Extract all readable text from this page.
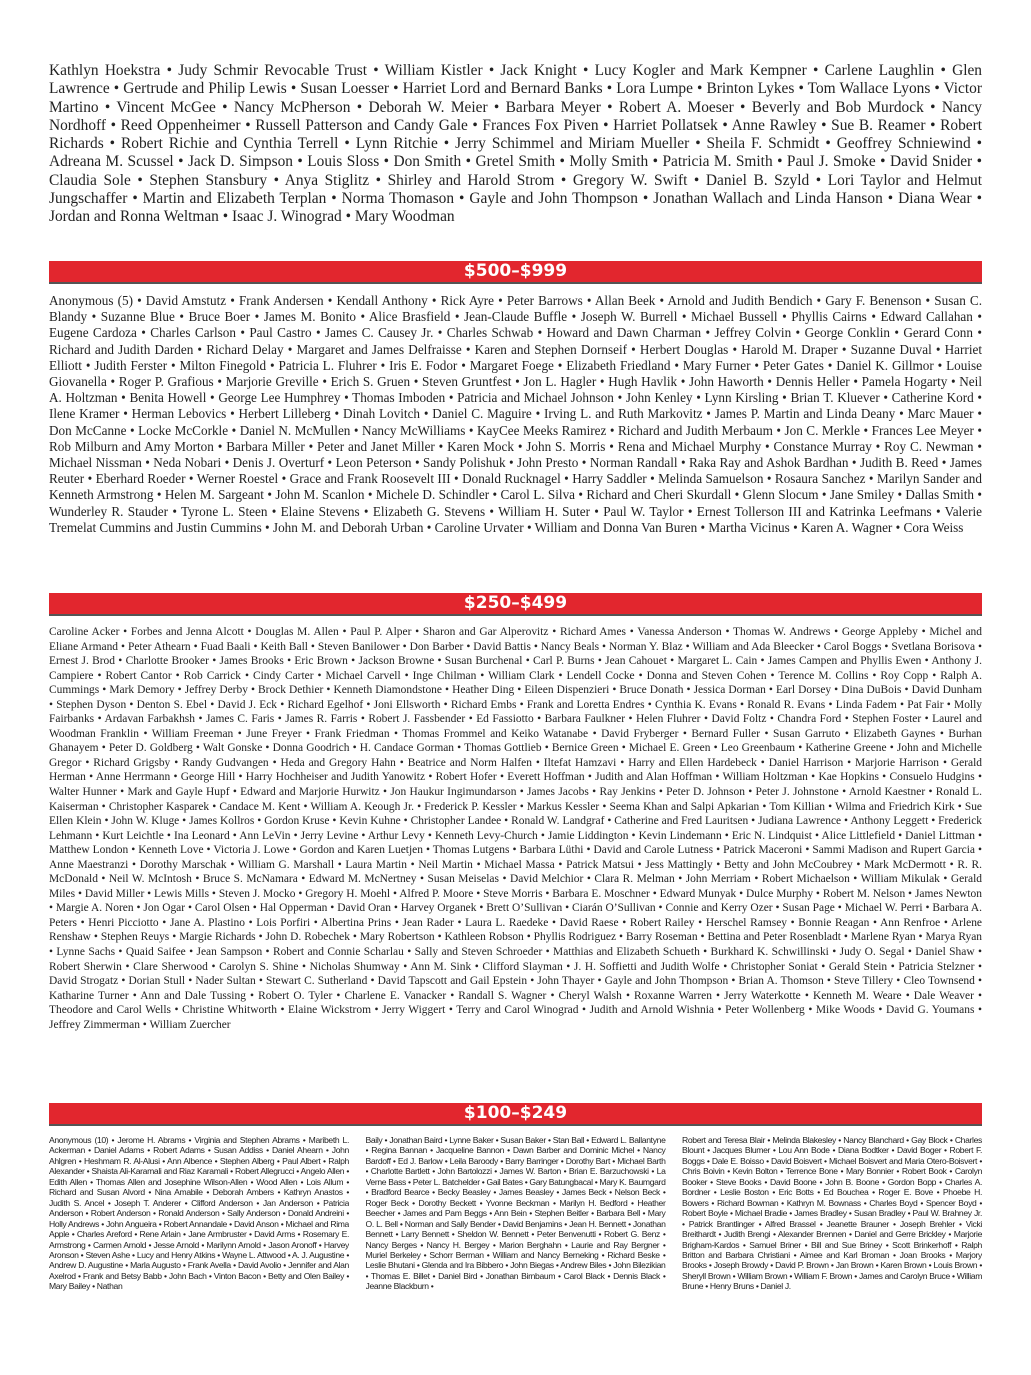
Kathlyn Hoekstra • Judy Schmir Revocable Trust • William Kistler • Jack Knight • Lucy Kogler and Mark Kempner • Carlene Laughlin • Glen Lawrence • Gertrude and Philip Lewis • Susan Loesser • Harriet Lord and Bernard Banks • Lora Lumpe • Brinton Lykes • Tom Wallace Lyons • Victor Martino • Vincent McGee • Nancy McPherson • Deborah W. Meier • Barbara Meyer • Robert A. Moeser • Beverly and Bob Murdock • Nancy Nordhoff • Reed Oppenheimer • Russell Patterson and Candy Gale • Frances Fox Piven • Harriet Pollatsek • Anne Rawley • Sue B. Reamer • Robert Richards • Robert Richie and Cynthia Terrell • Lynn Ritchie • Jerry Schimmel and Miriam Mueller • Sheila F. Schmidt • Geoffrey Schniewind • Adreana M. Scussel • Jack D. Simpson • Louis Sloss • Don Smith • Gretel Smith • Molly Smith • Patricia M. Smith • Paul J. Smoke • David Snider • Claudia Sole • Stephen Stansbury • Anya Stiglitz • Shirley and Harold Strom • Gregory W. Swift • Daniel B. Szyld • Lori Taylor and Helmut Jungschaffer • Martin and Elizabeth Terplan • Norma Thomason • Gayle and John Thompson • Jonathan Wallach and Linda Hanson • Diana Wear • Jordan and Ronna Weltman • Isaac J. Winograd • Mary Woodman
$500–$999
Anonymous (5) • David Amstutz • Frank Andersen • Kendall Anthony • Rick Ayre • Peter Barrows • Allan Beek • Arnold and Judith Bendich • Gary F. Benenson • Susan C. Blandy • Suzanne Blue • Bruce Boer • James M. Bonito • Alice Brasfield • Jean-Claude Buffle • Joseph W. Burrell • Michael Bussell • Phyllis Cairns • Edward Callahan • Eugene Cardoza • Charles Carlson • Paul Castro • James C. Causey Jr. • Charles Schwab • Howard and Dawn Charman • Jeffrey Colvin • George Conklin • Gerard Conn • Richard and Judith Darden • Richard Delay • Margaret and James Delfraisse • Karen and Stephen Dornseif • Herbert Douglas • Harold M. Draper • Suzanne Duval • Harriet Elliott • Judith Ferster • Milton Finegold • Patricia L. Fluhrer • Iris E. Fodor • Margaret Foege • Elizabeth Friedland • Mary Furner • Peter Gates • Daniel K. Gillmor • Louise Giovanella • Roger P. Grafious • Marjorie Greville • Erich S. Gruen • Steven Gruntfest • Jon L. Hagler • Hugh Havlik • John Haworth • Dennis Heller • Pamela Hogarty • Neil A. Holtzman • Benita Howell • George Lee Humphrey • Thomas Imboden • Patricia and Michael Johnson • John Kenley • Lynn Kirsling • Brian T. Kluever • Catherine Kord • Ilene Kramer • Herman Lebovics • Herbert Lilleberg • Dinah Lovitch • Daniel C. Maguire • Irving L. and Ruth Markovitz • James P. Martin and Linda Deany • Marc Mauer • Don McCanne • Locke McCorkle • Daniel N. McMullen • Nancy McWilliams • KayCee Meeks Ramirez • Richard and Judith Merbaum • Jon C. Merkle • Frances Lee Meyer • Rob Milburn and Amy Morton • Barbara Miller • Peter and Janet Miller • Karen Mock • John S. Morris • Rena and Michael Murphy • Constance Murray • Roy C. Newman • Michael Nissman • Neda Nobari • Denis J. Overturf • Leon Peterson • Sandy Polishuk • John Presto • Norman Randall • Raka Ray and Ashok Bardhan • Judith B. Reed • James Reuter • Eberhard Roeder • Werner Roestel • Grace and Frank Roosevelt III • Donald Rucknagel • Harry Saddler • Melinda Samuelson • Rosaura Sanchez • Marilyn Sander and Kenneth Armstrong • Helen M. Sargeant • John M. Scanlon • Michele D. Schindler • Carol L. Silva • Richard and Cheri Skurdall • Glenn Slocum • Jane Smiley • Dallas Smith • Wunderley R. Stauder • Tyrone L. Steen • Elaine Stevens • Elizabeth G. Stevens • William H. Suter • Paul W. Taylor • Ernest Tollerson III and Katrinka Leefmans • Valerie Tremelat Cummins and Justin Cummins • John M. and Deborah Urban • Caroline Urvater • William and Donna Van Buren • Martha Vicinus • Karen A. Wagner • Cora Weiss
$250–$499
Caroline Acker • Forbes and Jenna Alcott • Douglas M. Allen • Paul P. Alper • Sharon and Gar Alperovitz • Richard Ames • Vanessa Anderson • Thomas W. Andrews • George Appleby • Michel and Eliane Armand • Peter Athearn • Fuad Baali • Keith Ball • Steven Banilower • Don Barber • David Battis • Nancy Beals • Norman Y. Blaz • William and Ada Bleecker • Carol Boggs • Svetlana Borisova • Ernest J. Brod • Charlotte Brooker • James Brooks • Eric Brown • Jackson Browne • Susan Burchenal • Carl P. Burns • Jean Cahouet • Margaret L. Cain • James Campen and Phyllis Ewen • Anthony J. Campiere • Robert Cantor • Rob Carrick • Cindy Carter • Michael Carvell • Inge Chilman • William Clark • Lendell Cocke • Donna and Steven Cohen • Terence M. Collins • Roy Copp • Ralph A. Cummings • Mark Demory • Jeffrey Derby • Brock Dethier • Kenneth Diamondstone • Heather Ding • Eileen Dispenzieri • Bruce Donath • Jessica Dorman • Earl Dorsey • Dina DuBois • David Dunham • Stephen Dyson • Denton S. Ebel • David J. Eck • Richard Egelhof • Joni Ellsworth • Richard Embs • Frank and Loretta Endres • Cynthia K. Evans • Ronald R. Evans • Linda Fadem • Pat Fair • Molly Fairbanks • Ardavan Farbakhsh • James C. Faris • James R. Farris • Robert J. Fassbender • Ed Fassiotto • Barbara Faulkner • Helen Fluhrer • David Foltz • Chandra Ford • Stephen Foster • Laurel and Woodman Franklin • William Freeman • June Freyer • Frank Friedman • Thomas Frommel and Keiko Watanabe • David Fryberger • Bernard Fuller • Susan Garruto • Elizabeth Gaynes • Burhan Ghanayem • Peter D. Goldberg • Walt Gonske • Donna Goodrich • H. Candace Gorman • Thomas Gottlieb • Bernice Green • Michael E. Green • Leo Greenbaum • Katherine Greene • John and Michelle Gregor • Richard Grigsby • Randy Gudvangen • Heda and Gregory Hahn • Beatrice and Norm Halfen • Iltefat Hamzavi • Harry and Ellen Hardebeck • Daniel Harrison • Marjorie Harrison • Gerald Herman • Anne Herrmann • George Hill • Harry Hochheiser and Judith Yanowitz • Robert Hofer • Everett Hoffman • Judith and Alan Hoffman • William Holtzman • Kae Hopkins • Consuelo Hudgins • Walter Hunner • Mark and Gayle Hupf • Edward and Marjorie Hurwitz • Jon Haukur Ingimundarson • James Jacobs • Ray Jenkins • Peter D. Johnson • Peter J. Johnstone • Arnold Kaestner • Ronald L. Kaiserman • Christopher Kasparek • Candace M. Kent • William A. Keough Jr. • Frederick P. Kessler • Markus Kessler • Seema Khan and Salpi Apkarian • Tom Killian • Wilma and Friedrich Kirk • Sue Ellen Klein • John W. Kluge • James Kollros • Gordon Kruse • Kevin Kuhne • Christopher Landee • Ronald W. Landgraf • Catherine and Fred Lauritsen • Judiana Lawrence • Anthony Leggett • Frederick Lehmann • Kurt Leichtle • Ina Leonard • Ann LeVin • Jerry Levine • Arthur Levy • Kenneth Levy-Church • Jamie Liddington • Kevin Lindemann • Eric N. Lindquist • Alice Littlefield • Daniel Littman • Matthew London • Kenneth Love • Victoria J. Lowe • Gordon and Karen Luetjen • Thomas Lutgens • Barbara Lüthi • David and Carole Lutness • Patrick Maceroni • Sammi Madison and Rupert Garcia • Anne Maestranzi • Dorothy Marschak • William G. Marshall • Laura Martin • Neil Martin • Michael Massa • Patrick Matsui • Jess Mattingly • Betty and John McCoubrey • Mark McDermott • R. R. McDonald • Neil W. McIntosh • Bruce S. McNamara • Edward M. McNertney • Susan Meiselas • David Melchior • Clara R. Melman • John Merriam • Robert Michaelson • William Mikulak • Gerald Miles • David Miller • Lewis Mills • Steven J. Mocko • Gregory H. Moehl • Alfred P. Moore • Steve Morris • Barbara E. Moschner • Edward Munyak • Dulce Murphy • Robert M. Nelson • James Newton • Margie A. Noren • Jon Ogar • Carol Olsen • Hal Opperman • David Oran • Harvey Organek • Brett O’Sullivan • Ciarán O’Sullivan • Connie and Kerry Ozer • Susan Page • Michael W. Perri • Barbara A. Peters • Henri Picciotto • Jane A. Plastino • Lois Porfiri • Albertina Prins • Jean Rader • Laura L. Raedeke • David Raese • Robert Railey • Herschel Ramsey • Bonnie Reagan • Ann Renfroe • Arlene Renshaw • Stephen Reuys • Margie Richards • John D. Robechek • Mary Robertson • Kathleen Robson • Phyllis Rodriguez • Barry Roseman • Bettina and Peter Rosenbladt • Marlene Ryan • Marya Ryan • Lynne Sachs • Quaid Saifee • Jean Sampson • Robert and Connie Scharlau • Sally and Steven Schroeder • Matthias and Elizabeth Schueth • Burkhard K. Schwillinski • Judy O. Segal • Daniel Shaw • Robert Sherwin • Clare Sherwood • Carolyn S. Shine • Nicholas Shumway • Ann M. Sink • Clifford Slayman • J. H. Soffietti and Judith Wolfe • Christopher Soniat • Gerald Stein • Patricia Stelzner • David Strogatz • Dorian Stull • Nader Sultan • Stewart C. Sutherland • David Tapscott and Gail Epstein • John Thayer • Gayle and John Thompson • Brian A. Thomson • Steve Tillery • Cleo Townsend • Katharine Turner • Ann and Dale Tussing • Robert O. Tyler • Charlene E. Vanacker • Randall S. Wagner • Cheryl Walsh • Roxanne Warren • Jerry Waterkotte • Kenneth M. Weare • Dale Weaver • Theodore and Carol Wells • Christine Whitworth • Elaine Wickstrom • Jerry Wiggert • Terry and Carol Winograd • Judith and Arnold Wishnia • Peter Wollenberg • Mike Woods • David G. Youmans • Jeffrey Zimmerman • William Zuercher
$100–$249
Anonymous (10) • Jerome H. Abrams • Virginia and Stephen Abrams • Maribeth L. Ackerman • Daniel Adams • Robert Adams • Susan Addiss • Daniel Ahearn • John Ahlgren • Heshmam R. Al-Alusi • Ann Albence • Stephen Alberg • Paul Albert • Ralph Alexander • Shaista Ali-Karamali and Riaz Karamali • Robert Allegrucci • Angelo Allen • Edith Allen • Thomas Allen and Josephine Wilson-Allen • Wood Allen • Lois Allum • Richard and Susan Alvord • Nina Amabile • Deborah Ambers • Kathryn Anastos • Judith S. Ancel • Joseph T. Anderer • Clifford Anderson • Jan Anderson • Patricia Anderson • Robert Anderson • Ronald Anderson • Sally Anderson • Donald Andreini • Holly Andrews • John Angueira • Robert Annandale • David Anson • Michael and Rima Apple • Charles Areford • Rene Arlain • Jane Armbruster • David Arms • Rosemary E. Armstrong • Carmen Arnold • Jesse Arnold • Marilynn Arnold • Jason Aronoff • Harvey Aronson • Steven Ashe • Lucy and Henry Atkins • Wayne L. Attwood • A. J. Augustine • Andrew D. Augustine • Marla Augusto • Frank Avella • David Avolio • Jennifer and Alan Axelrod • Frank and Betsy Babb • John Bach • Vinton Bacon • Betty and Olen Bailey • Mary Bailey • Nathan
Baily • Jonathan Baird • Lynne Baker • Susan Baker • Stan Ball • Edward L. Ballantyne • Regina Bannan • Jacqueline Bannon • Dawn Barber and Dominic Michel • Nancy Bardoff • Ed J. Barlow • Leila Baroody • Barry Barringer • Dorothy Bart • Michael Barth • Charlotte Bartlett • John Bartolozzi • James W. Barton • Brian E. Barzuchowski • La Verne Bass • Peter L. Batchelder • Gail Bates • Gary Batungbacal • Mary K. Baumgard • Bradford Bearce • Becky Beasley • James Beasley • James Beck • Nelson Beck • Roger Beck • Dorothy Beckett • Yvonne Beckman • Marilyn H. Bedford • Heather Beecher • James and Pam Beggs • Ann Bein • Stephen Beitler • Barbara Bell • Mary O. L. Bell • Norman and Sally Bender • David Benjamins • Jean H. Bennett • Jonathan Bennett • Larry Bennett • Sheldon W. Bennett • Peter Benvenutti • Robert G. Benz • Nancy Berges • Nancy H. Bergey • Marion Berghahn • Laurie and Ray Bergner • Muriel Berkeley • Schorr Berman • William and Nancy Berneking • Richard Beske • Leslie Bhutani • Glenda and Ira Bibbero • John Biegas • Andrew Biles • John Bilezikian • Thomas E. Billet • Daniel Bird • Jonathan Birnbaum • Carol Black • Dennis Black • Jeanne Blackburn •
Robert and Teresa Blair • Melinda Blakesley • Nancy Blanchard • Gay Block • Charles Blount • Jacques Blumer • Lou Ann Bode • Diana Bodtker • David Boger • Robert F. Boggs • Dale E. Boisso • David Boisvert • Michael Boisvert and Maria Otero-Boisvert • Chris Boivin • Kevin Bolton • Terrence Bone • Mary Bonnier • Robert Book • Carolyn Booker • Steve Books • David Boone • John B. Boone • Gordon Bopp • Charles A. Bordner • Leslie Boston • Eric Botts • Ed Bouchea • Roger E. Bove • Phoebe H. Bowers • Richard Bowman • Kathryn M. Bownass • Charles Boyd • Spencer Boyd • Robert Boyle • Michael Bradie • James Bradley • Susan Bradley • Paul W. Brahney Jr. • Patrick Brantlinger • Alfred Brassel • Jeanette Brauner • Joseph Brehler • Vicki Breithardt • Judith Brengi • Alexander Brennen • Daniel and Gerre Brickley • Marjorie Brigham-Kardos • Samuel Briner • Bill and Sue Briney • Scott Brinkerhoff • Ralph Britton and Barbara Christiani • Aimee and Karl Broman • Joan Brooks • Marjory Brooks • Joseph Browdy • David P. Brown • Jan Brown • Karen Brown • Louis Brown • Sheryll Brown • William Brown • William F. Brown • James and Carolyn Bruce • William Brune • Henry Bruns • Daniel J.
